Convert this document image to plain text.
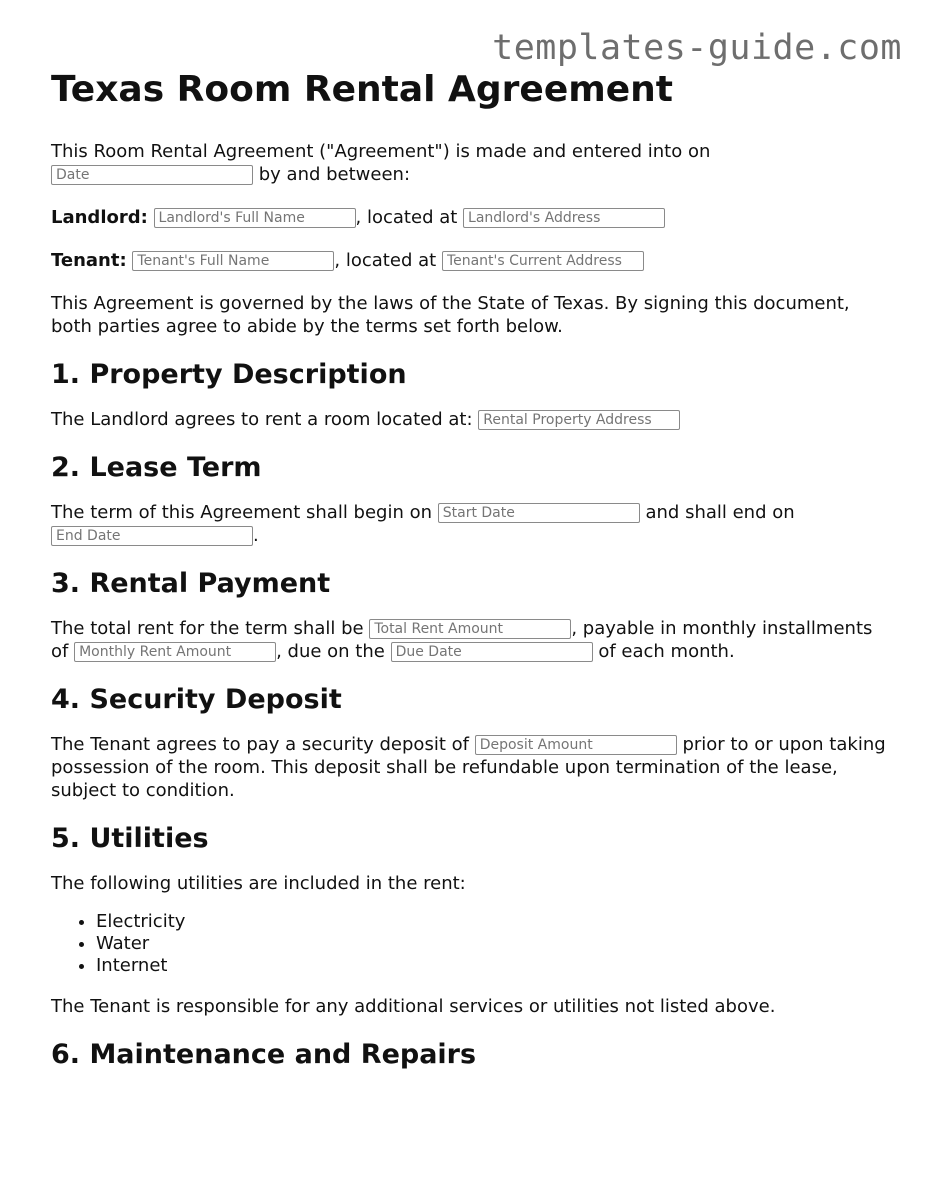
templates-guide.com
Texas Room Rental Agreement

This Room Rental Agreement ("Agreement") is made and entered into on
Date by and between:

Landlord: Landlord's Full Name	, located at Landlord's Address

Tenant: Tenant's Full Name	, located at Tenant's Current Address

This Agreement is governed by the laws of the State of Texas. By signing this document, both parties agree to abide by the terms set forth below.

1. Property Description

The Landlord agrees to rent a room located at: Rental Property Address

2. Lease Term

The term of this Agreement shall begin on Start Date	and shall end on
End Date.

3. Rental Payment

The total rent for the term shall be Total Rent Amount	, payable in monthly installments of Monthly Rent Amount	, due on the Due Date	of each month.

4. Security Deposit

The Tenant agrees to pay a security deposit of Deposit Amount	prior to or upon taking possession of the room. This deposit shall be refundable upon termination of the lease, subject to condition.

5. Utilities

The following utilities are included in the rent:

• Electricity
• Water
• Internet

The Tenant is responsible for any additional services or utilities not listed above.

6. Maintenance and Repairs
